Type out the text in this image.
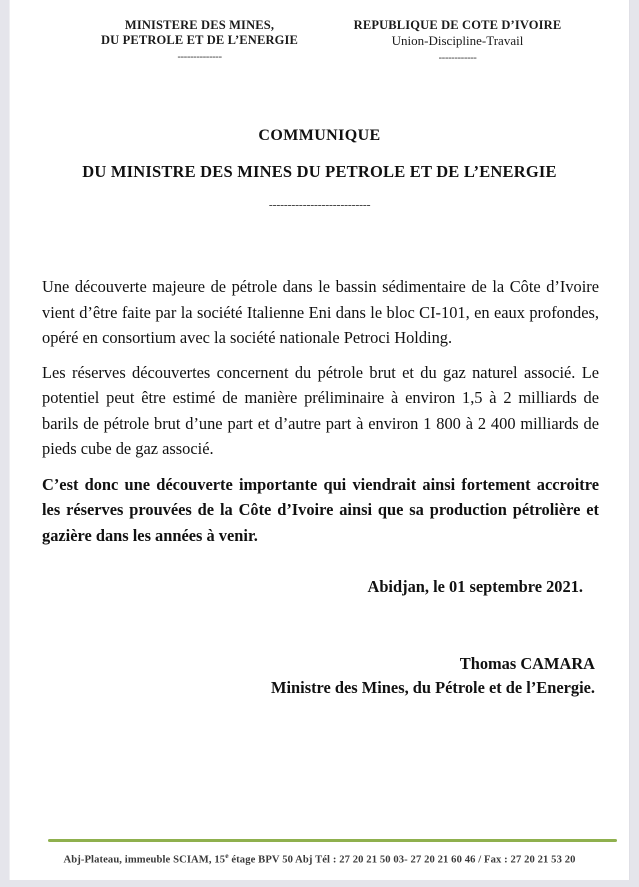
MINISTERE DES MINES,
DU PETROLE ET DE L’ENERGIE
--------------
REPUBLIQUE DE COTE D’IVOIRE
Union-Discipline-Travail
------------
COMMUNIQUE
DU MINISTRE DES MINES DU PETROLE ET DE L’ENERGIE
---------------------------

Une découverte majeure de pétrole dans le bassin sédimentaire de la Côte d’Ivoire vient d’être faite par la société Italienne Eni dans le bloc CI-101, en eaux profondes, opéré en consortium avec la société nationale Petroci Holding.

Les réserves découvertes concernent du pétrole brut et du gaz naturel associé. Le potentiel peut être estimé de manière préliminaire à environ 1,5 à 2 milliards de barils de pétrole brut d’une part et d’autre part à environ 1 800 à 2 400 milliards de pieds cube de gaz associé.

C’est donc une découverte importante qui viendrait ainsi fortement accroitre les réserves prouvées de la Côte d’Ivoire ainsi que sa production pétrolière et gazière dans les années à venir.

Abidjan, le 01 septembre 2021.
Thomas CAMARA
Ministre des Mines, du Pétrole et de l’Energie.
Abj-Plateau, immeuble SCIAM, 15e étage BPV 50 Abj Tél : 27 20 21 50 03- 27 20 21 60 46 / Fax : 27 20 21 53 20
